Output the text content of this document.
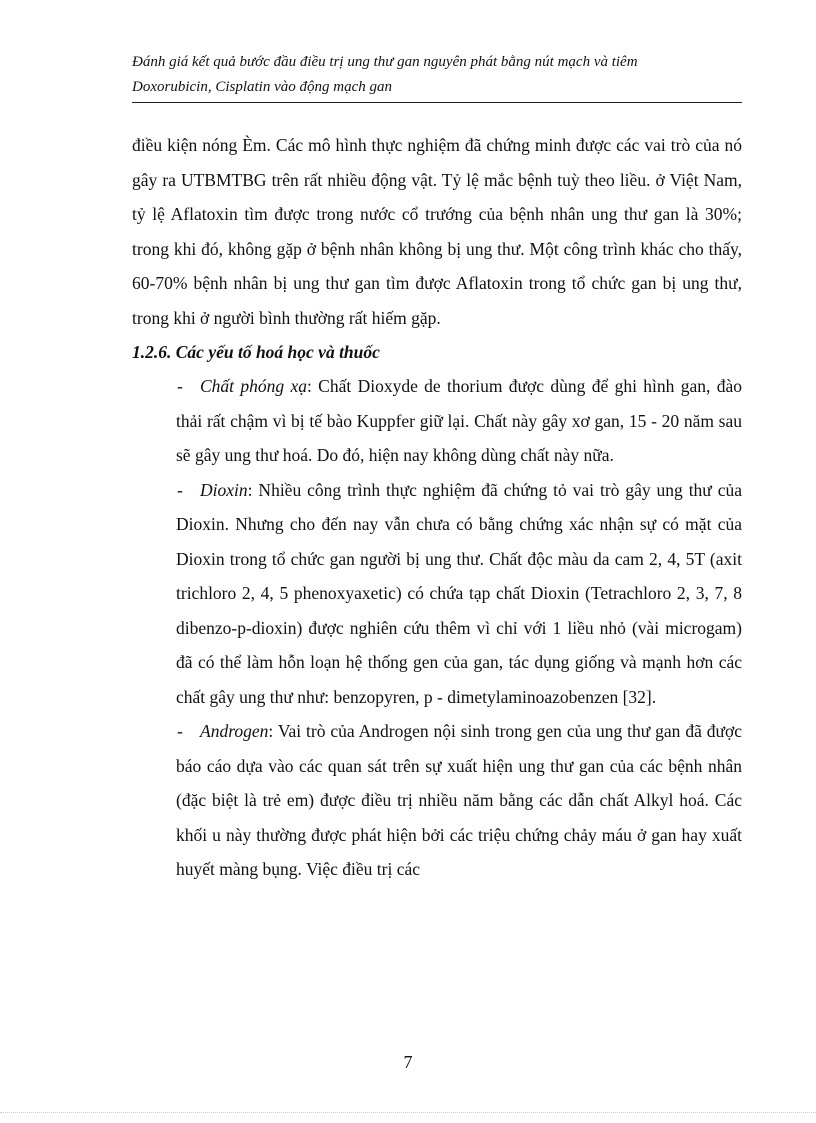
Đánh giá kết quả bước đầu điều trị ung thư gan nguyên phát bằng nút mạch và tiêm
Doxorubicin, Cisplatin vào động mạch gan

điều kiện nóng Èm. Các mô hình thực nghiệm đã chứng minh được các vai trò của nó gây ra UTBMTBG trên rất nhiều động vật. Tỷ lệ mắc bệnh tuỳ theo liều. ở Việt Nam, tỷ lệ Aflatoxin tìm được trong nước cổ trướng của bệnh nhân ung thư gan là 30%; trong khi đó, không gặp ở bệnh nhân không bị ung thư. Một công trình khác cho thấy, 60-70% bệnh nhân bị ung thư gan tìm được Aflatoxin trong tổ chức gan bị ung thư, trong khi ở người bình thường rất hiếm gặp.

1.2.6. Các yếu tố hoá học và thuốc

- Chất phóng xạ: Chất Dioxyde de thorium được dùng để ghi hình gan, đào thải rất chậm vì bị tế bào Kuppfer giữ lại. Chất này gây xơ gan, 15 - 20 năm sau sẽ gây ung thư hoá. Do đó, hiện nay không dùng chất này nữa.
- Dioxin: Nhiều công trình thực nghiệm đã chứng tỏ vai trò gây ung thư của Dioxin. Nhưng cho đến nay vẫn chưa có bằng chứng xác nhận sự có mặt của Dioxin trong tổ chức gan người bị ung thư. Chất độc màu da cam 2, 4, 5T (axit trichloro 2, 4, 5 phenoxyaxetic) có chứa tạp chất Dioxin (Tetrachloro 2, 3, 7, 8 dibenzo-p-dioxin) được nghiên cứu thêm vì chỉ với 1 liều nhỏ (vài microgam) đã có thể làm hỗn loạn hệ thống gen của gan, tác dụng giống và mạnh hơn các chất gây ung thư như: benzopyren, p - dimetylaminoazobenzen [32].
- Androgen: Vai trò của Androgen nội sinh trong gen của ung thư gan đã được báo cáo dựa vào các quan sát trên sự xuất hiện ung thư gan của các bệnh nhân (đặc biệt là trẻ em) được điều trị nhiều năm bằng các dẫn chất Alkyl hoá. Các khối u này thường được phát hiện bởi các triệu chứng chảy máu ở gan hay xuất huyết màng bụng. Việc điều trị các
7
